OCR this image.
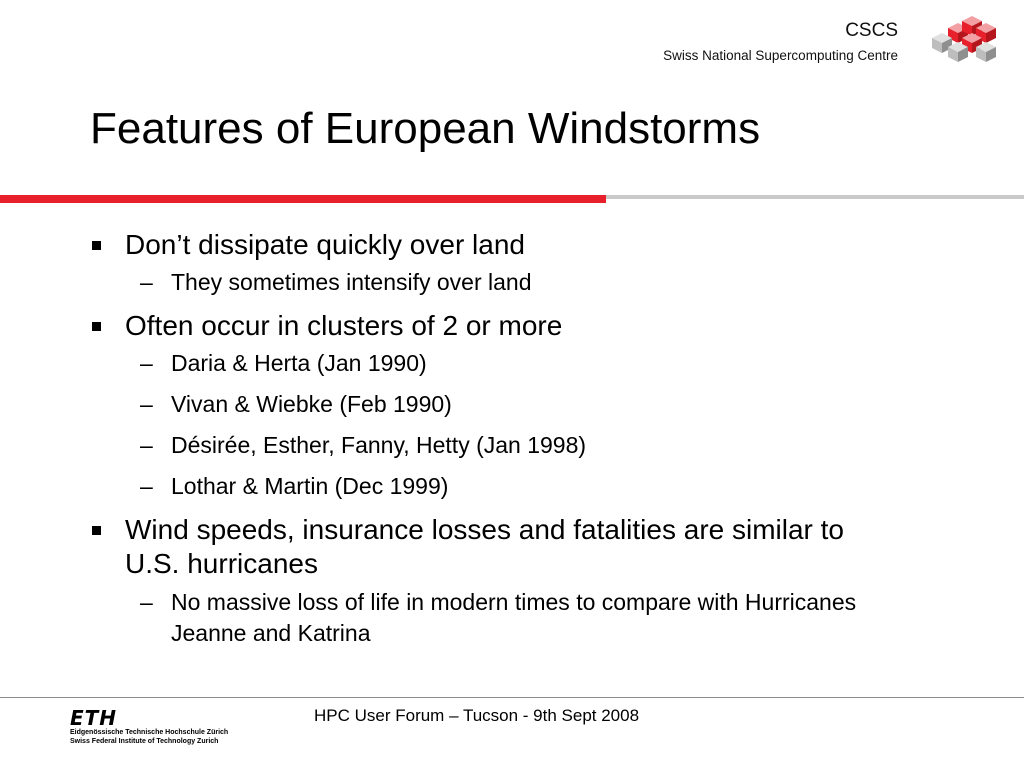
CSCS
Swiss National Supercomputing Centre
Features of European Windstorms
Don’t dissipate quickly over land
– They sometimes intensify over land
Often occur in clusters of 2 or more
– Daria & Herta (Jan 1990)
– Vivan & Wiebke (Feb 1990)
– Désirée, Esther, Fanny, Hetty (Jan 1998)
– Lothar & Martin (Dec 1999)
Wind speeds, insurance losses and fatalities are similar to U.S. hurricanes
– No massive loss of life in modern times to compare with Hurricanes Jeanne and Katrina
ETH
Eidgenössische Technische Hochschule Zürich
Swiss Federal Institute of Technology Zurich
HPC User Forum – Tucson - 9th Sept 2008
